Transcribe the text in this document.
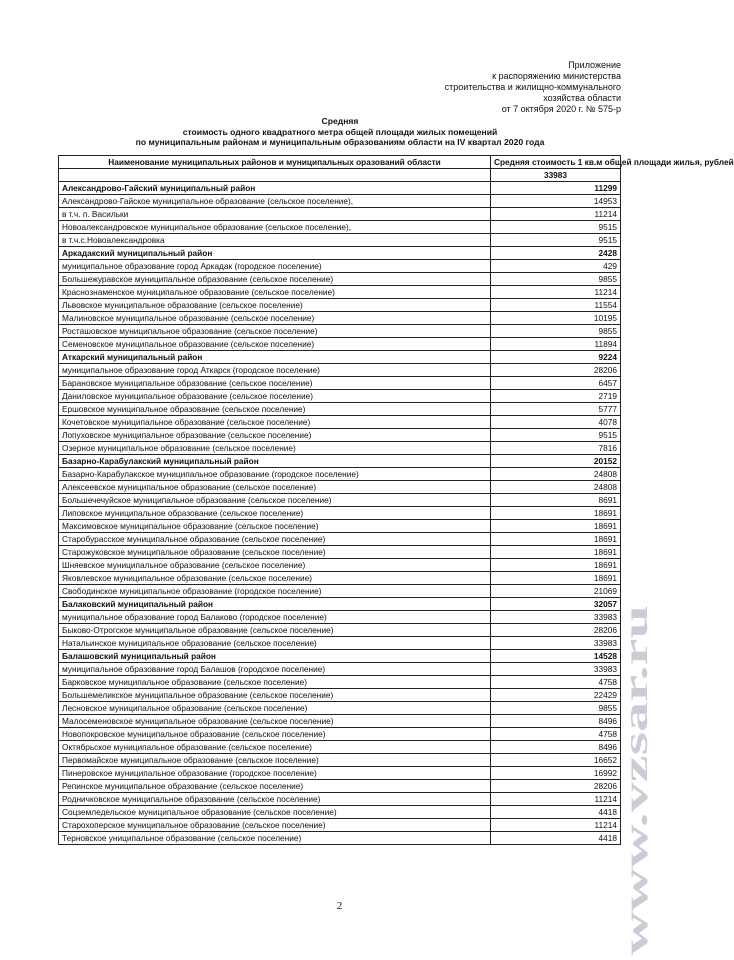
Приложение
к распоряжению министерства
строительства и жилищно-коммунального
хозяйства области
от 7 октября 2020 г. № 575-р
Средняя
стоимость одного квадратного метра общей площади жилых помещений
по муниципальным районам и муниципальным образованиям области на IV квартал 2020 года
Наименование муниципальных районов и муниципальных оразований области	Средняя стоимость 1 кв.м общей площади жилья, рублей
	33983
Александрово-Гайский муниципальный район	11299
Александрово-Гайское муниципальное образование (сельское поселение),	14953
в т.ч. п. Васильки	11214
Новоалександровское муниципальное образование (сельское поселение),	9515
в т.ч.с.Новоалександровка	9515
Аркадакский муниципальный район	2428
муниципальное образование город Аркадак (городское поселение)	429
Большежуравское муниципальное образование (сельское поселение)	9855
Краснознаменское муниципальное образование (сельское поселение)	11214
Львовское муниципальное образование (сельское поселение)	11554
Малиновское муниципальное образование (сельское поселение)	10195
Росташовское муниципальное образование (сельское поселение)	9855
Семеновское муниципальное образование (сельское поселение)	11894
Аткарский муниципальный район	9224
муниципальное образование город Аткарск (городское поселение)	28206
Барановское муниципальное образование (сельское поселение)	6457
Даниловское муниципальное образование (сельское поселение)	2719
Ершовское муниципальное образование (сельское поселение)	5777
Кочетовское муниципальное образование (сельское поселение)	4078
Лопуховское муниципальное образование (сельское поселение)	9515
Озерное муниципальное образование (сельское поселение)	7816
Базарно-Карабулакский муниципальный район	20152
Базарно-Карабулакское муниципальное образование (городское поселение)	24808
Алексеевское муниципальное образование (сельское поселение)	24808
Большечечуйское муниципальное образование (сельское поселение)	8691
Липовское муниципальное образование (сельское поселение)	18691
Максимовское муниципальное образование (сельское поселение)	18691
Старобурасское муниципальное образование (сельское поселение)	18691
Старожуковское муниципальное образование (сельское поселение)	18691
Шняевское муниципальное образование (сельское поселение)	18691
Яковлевское муниципальное образование (сельское поселение)	18691
Свободинское муниципальное образование (городское поселение)	21069
Балаковский муниципальный район	32057
муниципальное образование город Балаково (городское поселение)	33983
Быково-Отрогское муниципальное образование (сельское поселение)	28206
Натальинское муниципальное образование (сельское поселение)	33983
Балашовский муниципальный район	14528
муниципальное образование город Балашов (городское поселение)	33983
Барковское муниципальное образование (сельское поселение)	4758
Большемеликское муниципальное образование (сельское поселение)	22429
Лесновское муниципальное образование (сельское поселение)	9855
Малосеменовское муниципальное образование (сельское поселение)	8496
Новопокровское муниципальное образование (сельское поселение)	4758
Октябрьское муниципальное образование (сельское поселение)	8496
Первомайское муниципальное образование (сельское поселение)	16652
Пинеровское муниципальное образование (городское поселение)	16992
Репинское муниципальное образование (сельское поселение)	28206
Родничковское муниципальное образование (сельское поселение)	11214
Соцземледельское муниципальное образование (сельское поселение)	4418
Старохоперское муниципальное образование (сельское поселение)	11214
Терновское униципальное образование (сельское поселение)	4418
2	www.vzsar.ru
